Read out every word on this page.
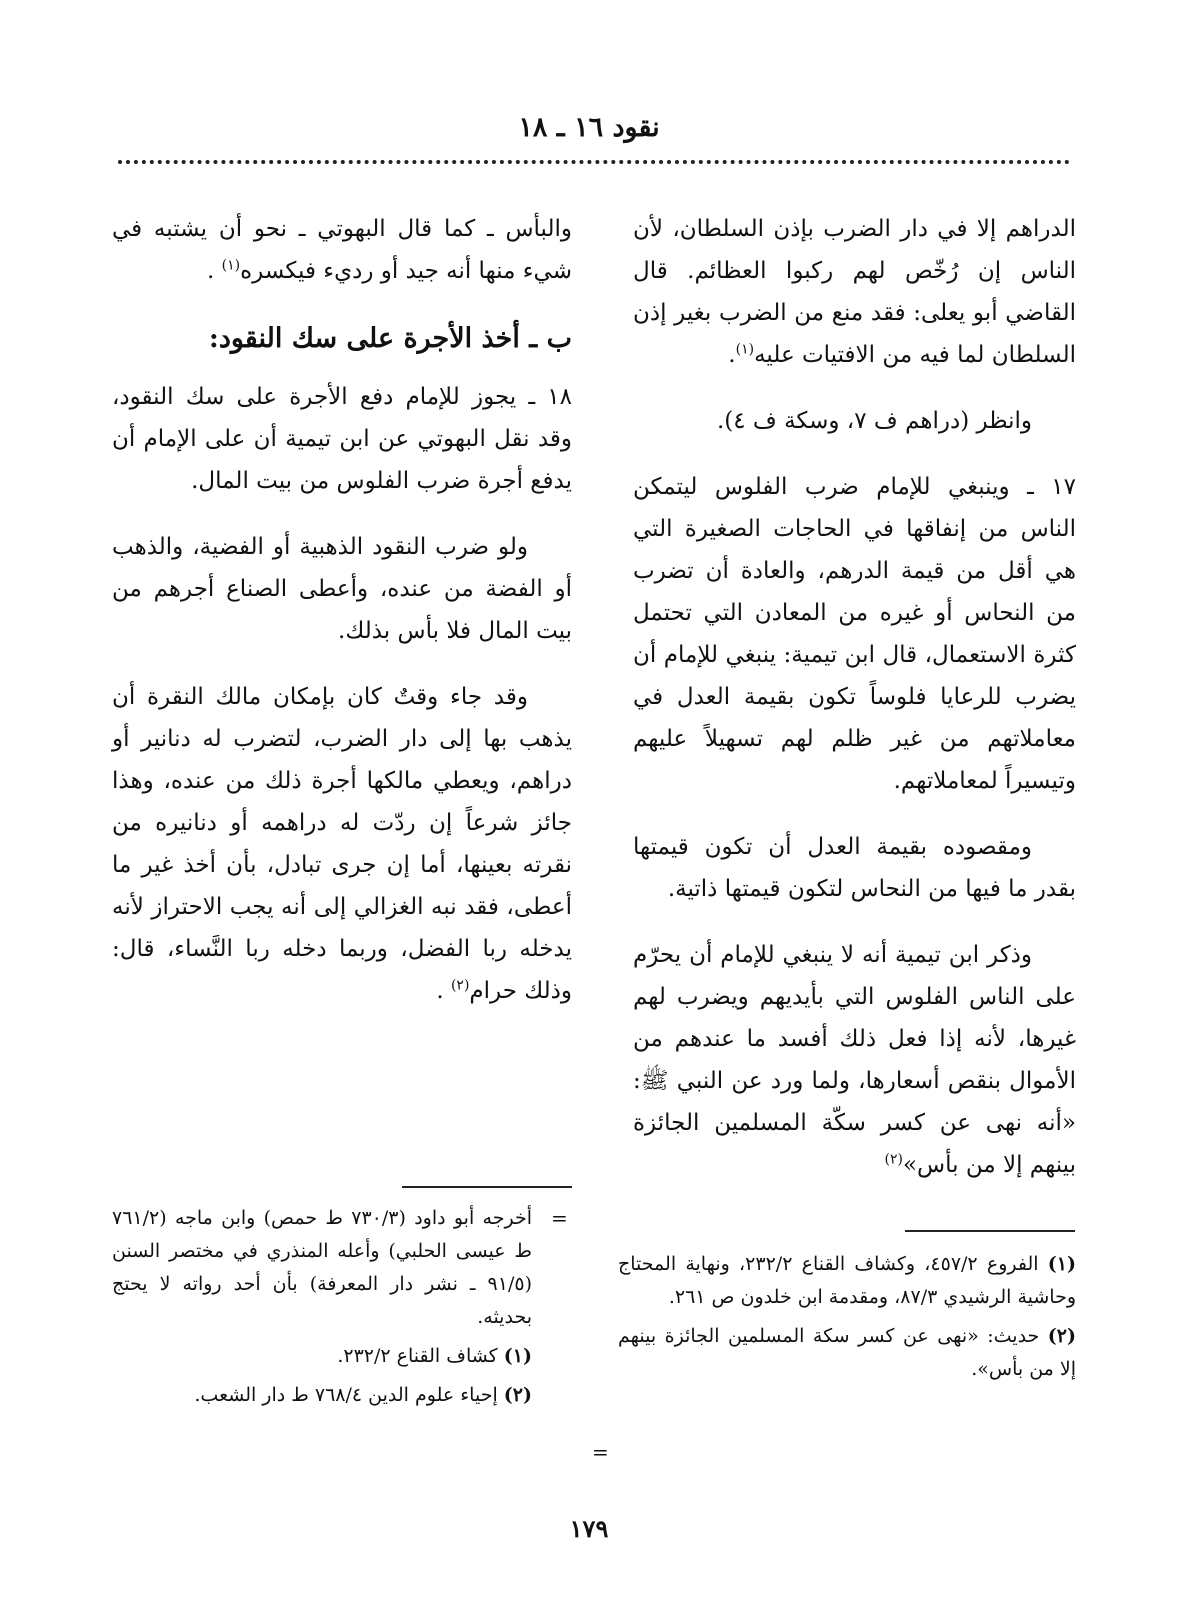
نقود ١٦ ـ ١٨

الدراهم إلا في دار الضرب بإذن السلطان، لأن الناس إن رُخّص لهم ركبوا العظائم. قال القاضي أبو يعلى: فقد منع من الضرب بغير إذن السلطان لما فيه من الافتيات عليه$^{(١)}$.

وانظر (دراهم ف ٧، وسكة ف ٤).

١٧ ـ وينبغي للإمام ضرب الفلوس ليتمكن الناس من إنفاقها في الحاجات الصغيرة التي هي أقل من قيمة الدرهم، والعادة أن تضرب من النحاس أو غيره من المعادن التي تحتمل كثرة الاستعمال، قال ابن تيمية: ينبغي للإمام أن يضرب للرعايا فلوساً تكون بقيمة العدل في معاملاتهم من غير ظلم لهم تسهيلاً عليهم وتيسيراً لمعاملاتهم.

ومقصوده بقيمة العدل أن تكون قيمتها بقدر ما فيها من النحاس لتكون قيمتها ذاتية.

وذكر ابن تيمية أنه لا ينبغي للإمام أن يحرّم على الناس الفلوس التي بأيديهم ويضرب لهم غيرها، لأنه إذا فعل ذلك أفسد ما عندهم من الأموال بنقص أسعارها، ولما ورد عن النبي ﷺ: «أنه نهى عن كسر سكّة المسلمين الجائزة بينهم إلا من بأس»$^{(٢)}$

(١) الفروع ٤٥٧/٢، وكشاف القناع ٢٣٢/٢، ونهاية المحتاج وحاشية الرشيدي ٨٧/٣، ومقدمة ابن خلدون ص ٢٦١.

(٢) حديث: «نهى عن كسر سكة المسلمين الجائزة بينهم إلا من بأس».

=

والبأس ـ كما قال البهوتي ـ نحو أن يشتبه في شيء منها أنه جيد أو رديء فيكسره$^{(١)}$ .

ب ـ أخذ الأجرة على سك النقود:

١٨ ـ يجوز للإمام دفع الأجرة على سك النقود، وقد نقل البهوتي عن ابن تيمية أن على الإمام أن يدفع أجرة ضرب الفلوس من بيت المال.

ولو ضرب النقود الذهبية أو الفضية، والذهب أو الفضة من عنده، وأعطى الصناع أجرهم من بيت المال فلا بأس بذلك.

وقد جاء وقتٌ كان بإمكان مالك النقرة أن يذهب بها إلى دار الضرب، لتضرب له دنانير أو دراهم، ويعطي مالكها أجرة ذلك من عنده، وهذا جائز شرعاً إن ردّت له دراهمه أو دنانيره من نقرته بعينها، أما إن جرى تبادل، بأن أخذ غير ما أعطى، فقد نبه الغزالي إلى أنه يجب الاحتراز لأنه يدخله ربا الفضل، وربما دخله ربا النَّساء، قال: وذلك حرام$^{(٢)}$ .

=

أخرجه أبو داود (٧٣٠/٣ ط حمص) وابن ماجه (٧٦١/٢ ط عيسى الحلبي) وأعله المنذري في مختصر السنن (٩١/٥ ـ نشر دار المعرفة) بأن أحد رواته لا يحتج بحديثه.

(١) كشاف القناع ٢٣٢/٢.

(٢) إحياء علوم الدين ٧٦٨/٤ ط دار الشعب.

١٧٩
